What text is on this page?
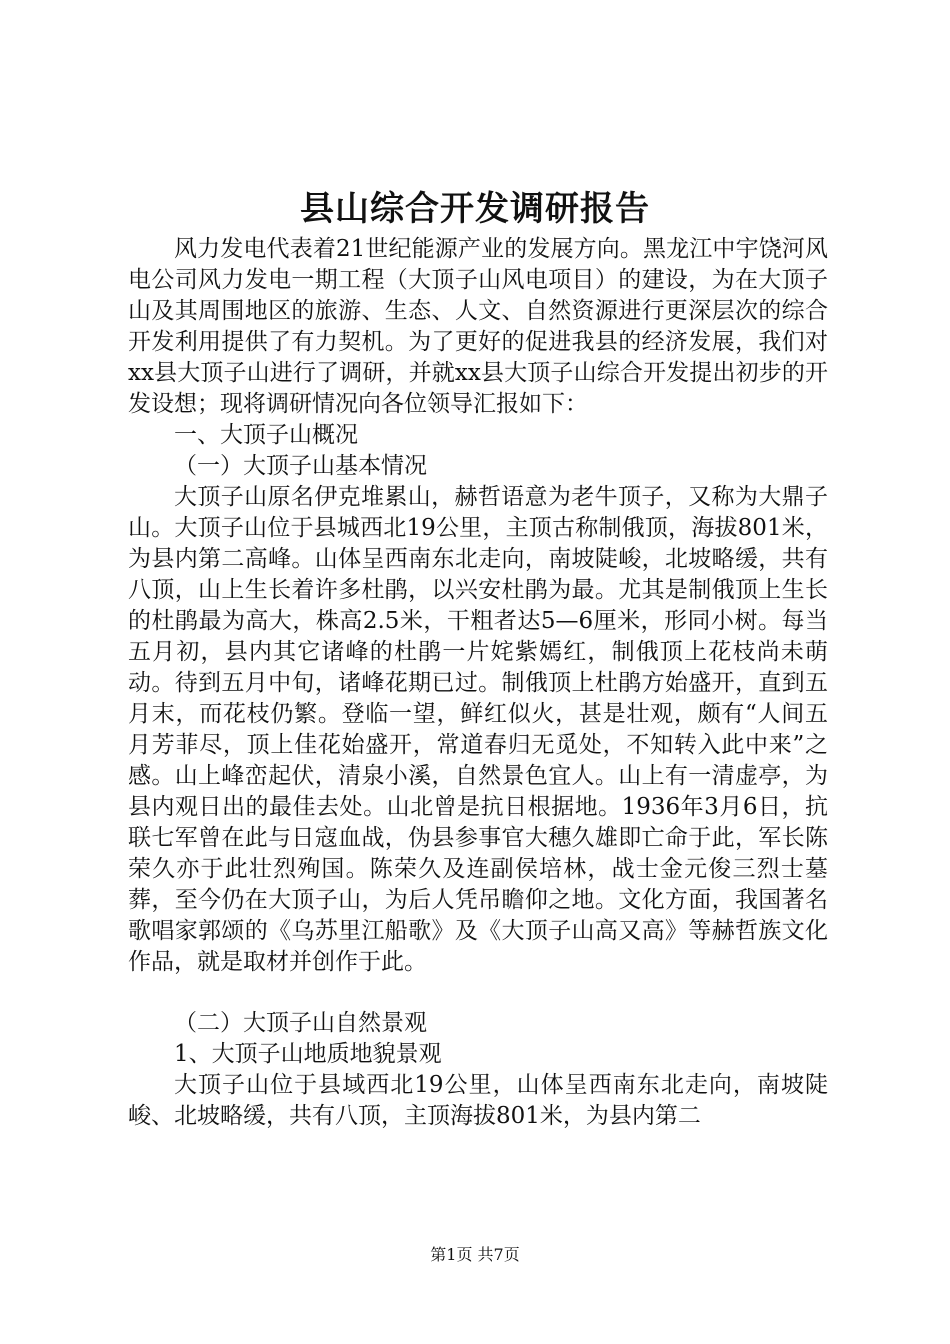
县山综合开发调研报告

风力发电代表着21世纪能源产业的发展方向。黑龙江中宇饶河风电公司风力发电一期工程（大顶子山风电项目）的建设，为在大顶子山及其周围地区的旅游、生态、人文、自然资源进行更深层次的综合开发利用提供了有力契机。为了更好的促进我县的经济发展，我们对xx县大顶子山进行了调研，并就xx县大顶子山综合开发提出初步的开发设想；现将调研情况向各位领导汇报如下：

一、大顶子山概况

（一）大顶子山基本情况

大顶子山原名伊克堆累山，赫哲语意为老牛顶子，又称为大鼎子山。大顶子山位于县城西北19公里，主顶古称制俄顶，海拔801米，为县内第二高峰。山体呈西南东北走向，南坡陡峻，北坡略缓，共有八顶，山上生长着许多杜鹃，以兴安杜鹃为最。尤其是制俄顶上生长的杜鹃最为高大，株高2.5米，干粗者达5—6厘米，形同小树。每当五月初，县内其它诸峰的杜鹃一片姹紫嫣红，制俄顶上花枝尚未萌动。待到五月中旬，诸峰花期已过。制俄顶上杜鹃方始盛开，直到五月末，而花枝仍繁。登临一望，鲜红似火，甚是壮观，颇有“人间五月芳菲尽，顶上佳花始盛开，常道春归无觅处，不知转入此中来”之感。山上峰峦起伏，清泉小溪，自然景色宜人。山上有一清虚亭，为县内观日出的最佳去处。山北曾是抗日根据地。1936年3月6日，抗联七军曾在此与日寇血战，伪县参事官大穗久雄即亡命于此，军长陈荣久亦于此壮烈殉国。陈荣久及连副侯培林，战士金元俊三烈士墓葬，至今仍在大顶子山，为后人凭吊瞻仰之地。文化方面，我国著名歌唱家郭颂的《乌苏里江船歌》及《大顶子山高又高》等赫哲族文化作品，就是取材并创作于此。

（二）大顶子山自然景观

1、大顶子山地质地貌景观

大顶子山位于县域西北19公里，山体呈西南东北走向，南坡陡峻、北坡略缓，共有八顶，主顶海拔801米，为县内第二

第1页 共7页
